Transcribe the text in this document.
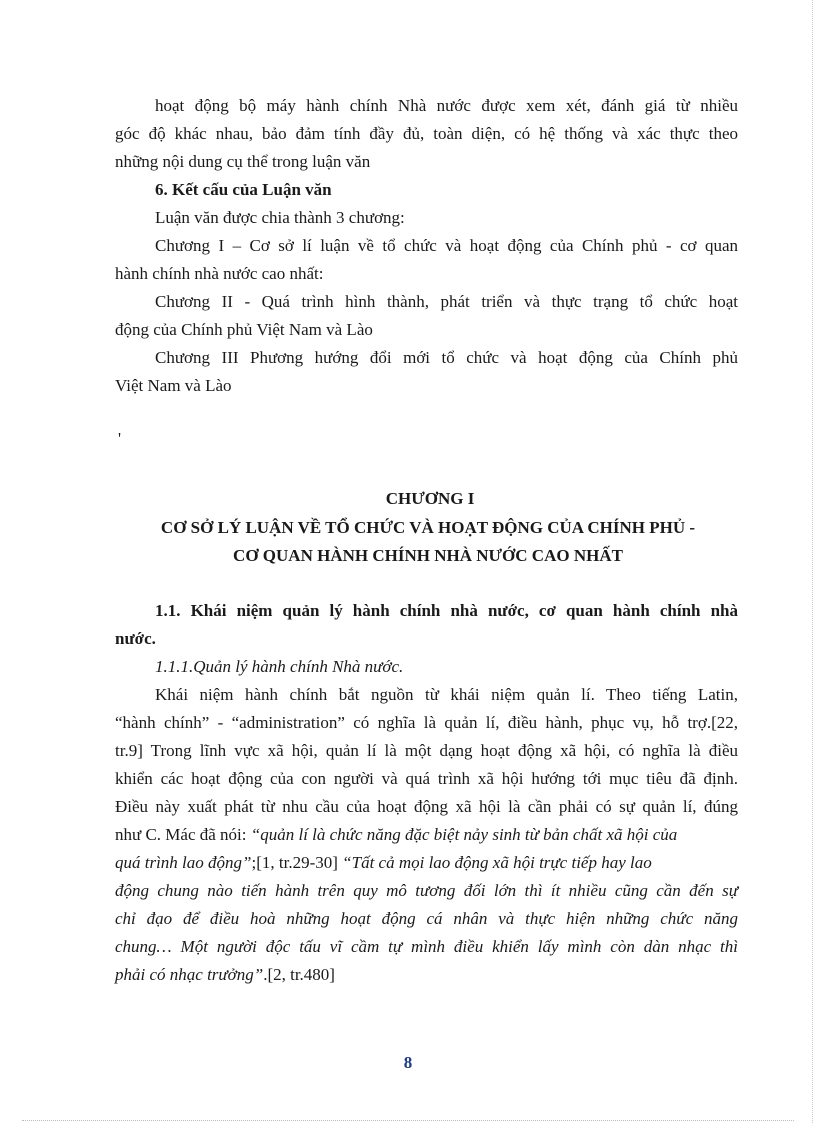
hoạt động bộ máy hành chính Nhà nước được xem xét, đánh giá từ nhiều
góc độ khác nhau, bảo đảm tính đầy đủ, toàn diện, có hệ thống và xác thực theo
những nội dung cụ thể trong luận văn
6. Kết cấu của Luận văn
Luận văn được chia thành 3 chương:
Chương I – Cơ sở lí luận về tổ chức và hoạt động của Chính phủ - cơ quan
hành chính nhà nước cao nhất:
Chương II - Quá trình hình thành, phát triển và thực trạng tổ chức hoạt
động của Chính phủ Việt Nam và Lào
Chương III Phương hướng đổi mới tổ chức và hoạt động của Chính phủ
Việt Nam và Lào
'
CHƯƠNG I
CƠ SỞ LÝ LUẬN VỀ TỔ CHỨC VÀ HOẠT ĐỘNG CỦA CHÍNH PHỦ -
CƠ QUAN HÀNH CHÍNH NHÀ NƯỚC CAO NHẤT
1.1. Khái niệm quản lý hành chính nhà nước, cơ quan hành chính nhà
nước.
1.1.1.Quản lý hành chính Nhà nước.
Khái niệm hành chính bắt nguồn từ khái niệm quản lí. Theo tiếng Latin,
“hành chính” - “administration” có nghĩa là quản lí, điều hành, phục vụ, hỗ trợ.[22,
tr.9] Trong lĩnh vực xã hội, quản lí là một dạng hoạt động xã hội, có nghĩa là điều
khiển các hoạt động của con người và quá trình xã hội hướng tới mục tiêu đã định.
Điều này xuất phát từ nhu cầu của hoạt động xã hội là cần phải có sự quản lí, đúng
như C. Mác đã nói: “quản lí là chức năng đặc biệt nảy sinh từ bản chất xã hội của
quá trình lao động”;[1, tr.29-30] “Tất cả mọi lao động xã hội trực tiếp hay lao
động chung nào tiến hành trên quy mô tương đối lớn thì ít nhiều cũng cần đến sự
chỉ đạo để điều hoà những hoạt động cá nhân và thực hiện những chức năng
chung… Một người độc tấu vĩ cầm tự mình điều khiển lấy mình còn dàn nhạc thì
phải có nhạc trưởng”.[2, tr.480]
8
